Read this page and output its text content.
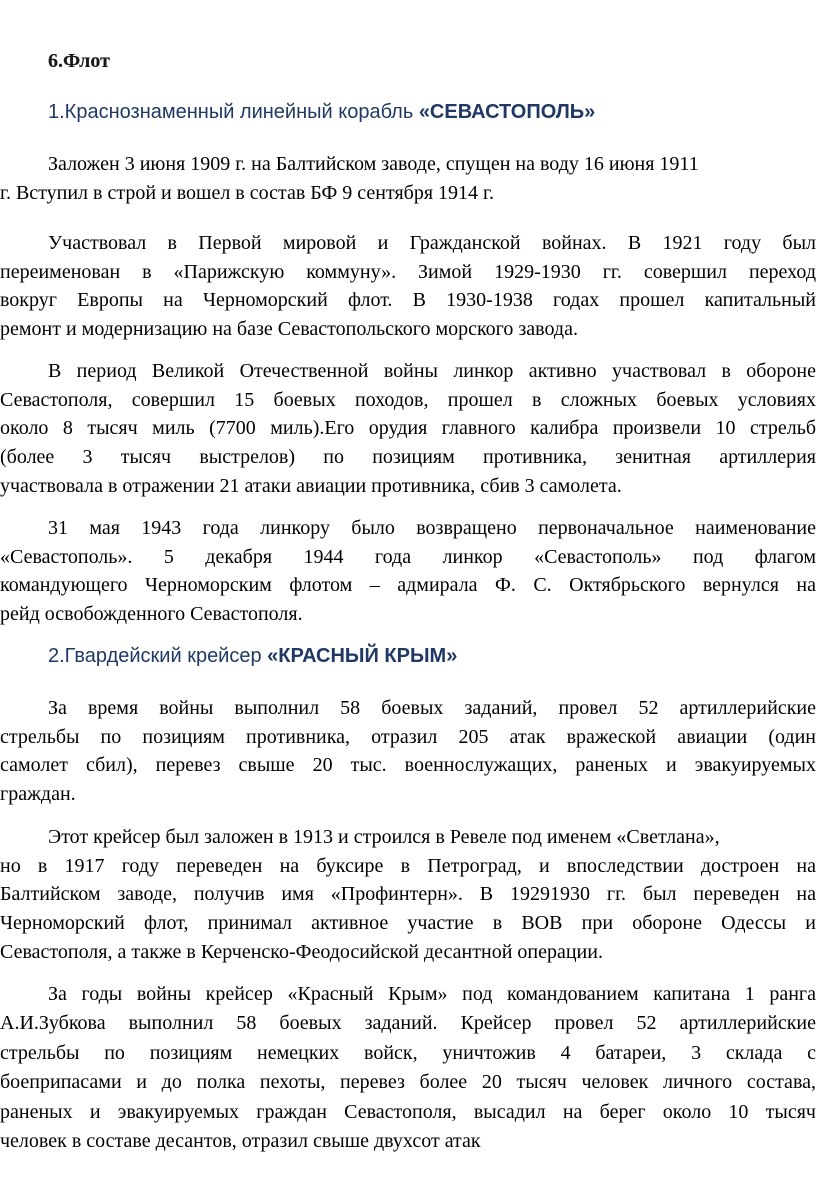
6.Флот
1.Краснознаменный линейный корабль «СЕВАСТОПОЛЬ»
Заложен 3 июня 1909 г. на Балтийском заводе, спущен на воду 16 июня 1911
г. Вступил в строй и вошел в состав БФ 9 сентября 1914 г.
Участвовал в Первой мировой и Гражданской войнах. В 1921 году был
переименован в «Парижскую коммуну». Зимой 1929-1930 гг. совершил переход
вокруг Европы на Черноморский флот. В 1930-1938 годах прошел капитальный
ремонт и модернизацию на базе Севастопольского морского завода.
В период Великой Отечественной войны линкор активно участвовал в обороне
Севастополя, совершил 15 боевых походов, прошел в сложных боевых условиях
около 8 тысяч миль (7700 миль).Его орудия главного калибра произвели 10 стрельб
(более 3 тысяч выстрелов) по позициям противника, зенитная артиллерия
участвовала в отражении 21 атаки авиации противника, сбив 3 самолета.
31 мая 1943 года линкору было возвращено первоначальное наименование
«Севастополь». 5 декабря 1944 года линкор «Севастополь» под флагом
командующего Черноморским флотом – адмирала Ф. С. Октябрьского вернулся на
рейд освобожденного Севастополя.
2.Гвардейский крейсер «КРАСНЫЙ КРЫМ»
За время войны выполнил 58 боевых заданий, провел 52 артиллерийские
стрельбы по позициям противника, отразил 205 атак вражеской авиации (один
самолет сбил), перевез свыше 20 тыс. военнослужащих, раненых и эвакуируемых
граждан.
Этот крейсер был заложен в 1913 и строился в Ревеле под именем «Светлана»,
но в 1917 году переведен на буксире в Петроград, и впоследствии достроен на
Балтийском заводе, получив имя «Профинтерн». В 19291930 гг. был переведен на
Черноморский флот, принимал активное участие в ВОВ при обороне Одессы и
Севастополя, а также в Керченско-Феодосийской десантной операции.
За годы войны крейсер «Красный Крым» под командованием капитана 1 ранга
А.И.Зубкова выполнил 58 боевых заданий. Крейсер провел 52 артиллерийские
стрельбы по позициям немецких войск, уничтожив 4 батареи, 3 склада с
боеприпасами и до полка пехоты, перевез более 20 тысяч человек личного состава,
раненых и эвакуируемых граждан Севастополя, высадил на берег около 10 тысяч
человек в составе десантов, отразил свыше двухсот атак
